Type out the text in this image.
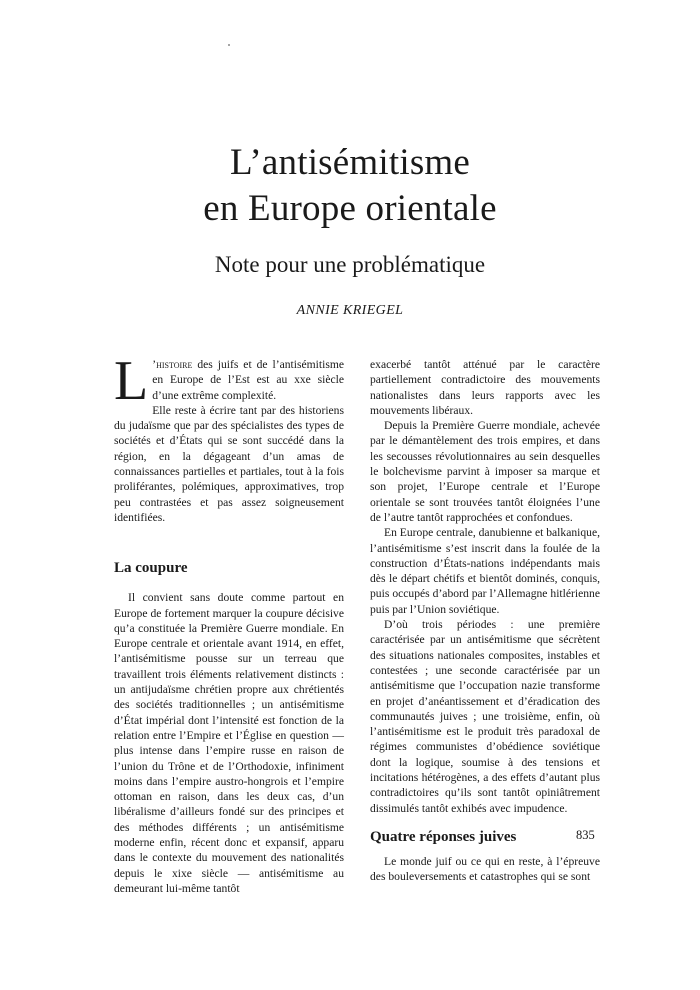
L’antisémitisme
en Europe orientale
Note pour une problématique
ANNIE KRIEGEL

L ’histoire des juifs et de l’antisémitisme en Europe de l’Est est au xxe siècle d’une extrême complexité.

Elle reste à écrire tant par des historiens du judaïsme que par des spécialistes des types de sociétés et d’États qui se sont succédé dans la région, en la dégageant d’un amas de connaissances partielles et partiales, tout à la fois proliférantes, polémiques, approximatives, trop peu contrastées et pas assez soigneusement identifiées.

La coupure

Il convient sans doute comme partout en Europe de fortement marquer la coupure décisive qu’a constituée la Première Guerre mondiale. En Europe centrale et orientale avant 1914, en effet, l’antisémitisme pousse sur un terreau que travaillent trois éléments relativement distincts : un antijudaïsme chrétien propre aux chrétientés des sociétés traditionnelles ; un antisémitisme d’État impérial dont l’intensité est fonction de la relation entre l’Empire et l’Église en question — plus intense dans l’empire russe en raison de l’union du Trône et de l’Orthodoxie, infiniment moins dans l’empire austro-hongrois et l’empire ottoman en raison, dans les deux cas, d’un libéralisme d’ailleurs fondé sur des principes et des méthodes différents ; un antisémitisme moderne enfin, récent donc et expansif, apparu dans le contexte du mouvement des nationalités depuis le xixe siècle — antisémitisme au demeurant lui-même tantôt

exacerbé tantôt atténué par le caractère partiellement contradictoire des mouvements nationalistes dans leurs rapports avec les mouvements libéraux.

Depuis la Première Guerre mondiale, achevée par le démantèlement des trois empires, et dans les secousses révolutionnaires au sein desquelles le bolchevisme parvint à imposer sa marque et son projet, l’Europe centrale et l’Europe orientale se sont trouvées tantôt éloignées l’une de l’autre tantôt rapprochées et confondues.

En Europe centrale, danubienne et balkanique, l’antisémitisme s’est inscrit dans la foulée de la construction d’États-nations indépendants mais dès le départ chétifs et bientôt dominés, conquis, puis occupés d’abord par l’Allemagne hitlérienne puis par l’Union soviétique.

D’où trois périodes : une première caractérisée par un antisémitisme que sécrètent des situations nationales composites, instables et contestées ; une seconde caractérisée par un antisémitisme que l’occupation nazie transforme en projet d’anéantissement et d’éradication des communautés juives ; une troisième, enfin, où l’antisémitisme est le produit très paradoxal de régimes communistes d’obédience soviétique dont la logique, soumise à des tensions et incitations hétérogènes, a des effets d’autant plus contradictoires qu’ils sont tantôt opiniâtrement dissimulés tantôt exhibés avec impudence.

Quatre réponses juives

Le monde juif ou ce qui en reste, à l’épreuve des bouleversements et catastrophes qui se sont

835
